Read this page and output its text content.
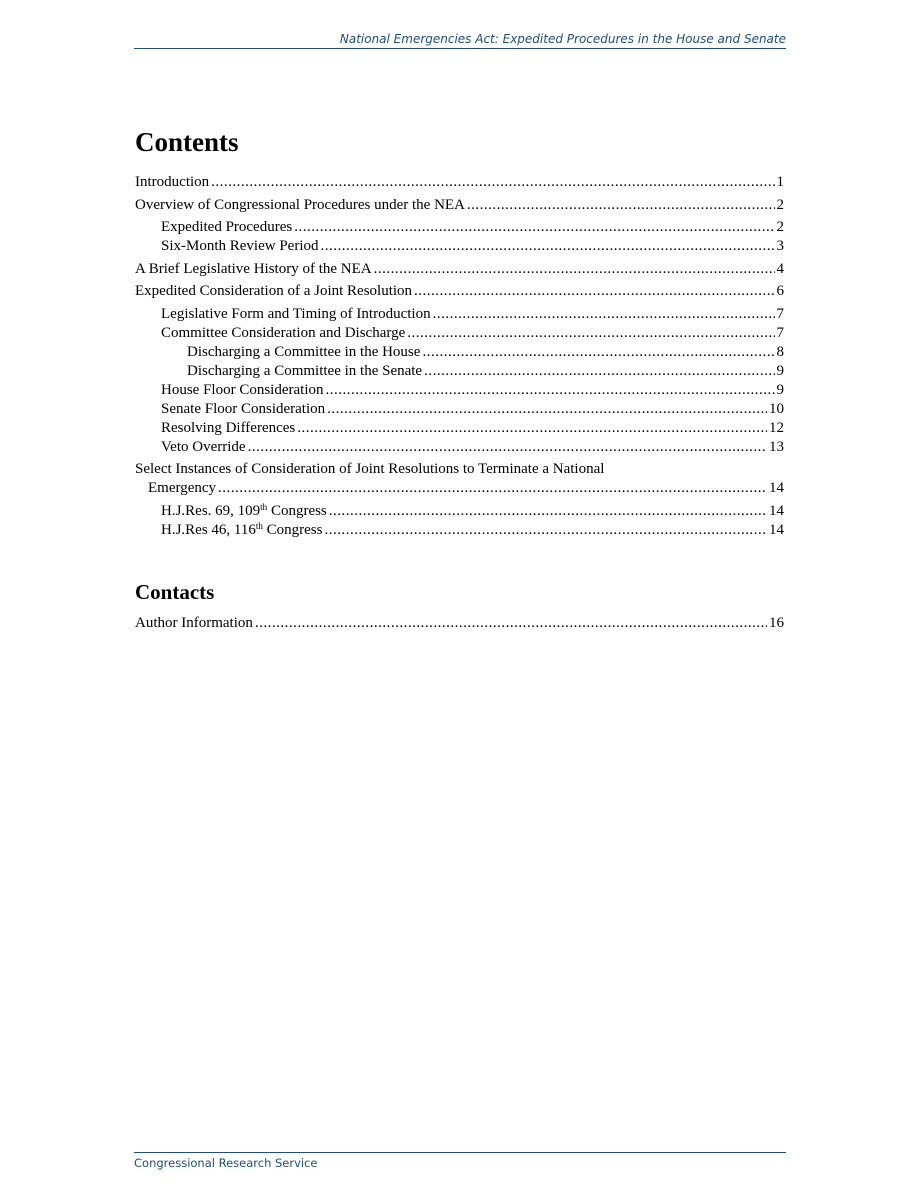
National Emergencies Act: Expedited Procedures in the House and Senate
Contents
Introduction .....	1
Overview of Congressional Procedures under the NEA .....	2
Expedited Procedures .....	2
Six-Month Review Period .....	3
A Brief Legislative History of the NEA .....	4
Expedited Consideration of a Joint Resolution .....	6
Legislative Form and Timing of Introduction .....	7
Committee Consideration and Discharge .....	7
Discharging a Committee in the House .....	8
Discharging a Committee in the Senate .....	9
House Floor Consideration .....	9
Senate Floor Consideration .....	10
Resolving Differences .....	12
Veto Override .....	13
Select Instances of Consideration of Joint Resolutions to Terminate a National
Emergency .....	14
H.J.Res. 69, 109th Congress .....	14
H.J.Res 46, 116th Congress .....	14
Contacts
Author Information .....	16
Congressional Research Service
